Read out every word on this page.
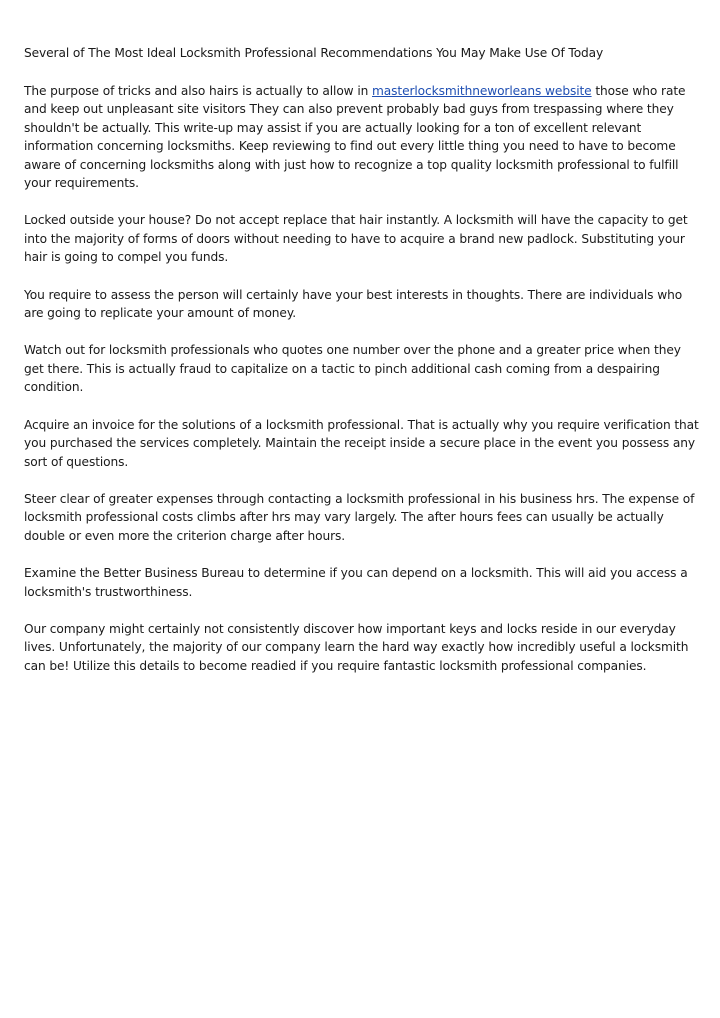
Several of The Most Ideal Locksmith Professional Recommendations You May Make Use Of Today

The purpose of tricks and also hairs is actually to allow in masterlocksmithneworleans website those who rate and keep out unpleasant site visitors They can also prevent probably bad guys from trespassing where they shouldn't be actually. This write-up may assist if you are actually looking for a ton of excellent relevant information concerning locksmiths. Keep reviewing to find out every little thing you need to have to become aware of concerning locksmiths along with just how to recognize a top quality locksmith professional to fulfill your requirements.

Locked outside your house? Do not accept replace that hair instantly. A locksmith will have the capacity to get into the majority of forms of doors without needing to have to acquire a brand new padlock. Substituting your hair is going to compel you funds.

You require to assess the person will certainly have your best interests in thoughts. There are individuals who are going to replicate your amount of money.

Watch out for locksmith professionals who quotes one number over the phone and a greater price when they get there. This is actually fraud to capitalize on a tactic to pinch additional cash coming from a despairing condition.

Acquire an invoice for the solutions of a locksmith professional. That is actually why you require verification that you purchased the services completely. Maintain the receipt inside a secure place in the event you possess any sort of questions.

Steer clear of greater expenses through contacting a locksmith professional in his business hrs. The expense of locksmith professional costs climbs after hrs may vary largely. The after hours fees can usually be actually double or even more the criterion charge after hours.

Examine the Better Business Bureau to determine if you can depend on a locksmith. This will aid you access a locksmith's trustworthiness.

Our company might certainly not consistently discover how important keys and locks reside in our everyday lives. Unfortunately, the majority of our company learn the hard way exactly how incredibly useful a locksmith can be! Utilize this details to become readied if you require fantastic locksmith professional companies.
